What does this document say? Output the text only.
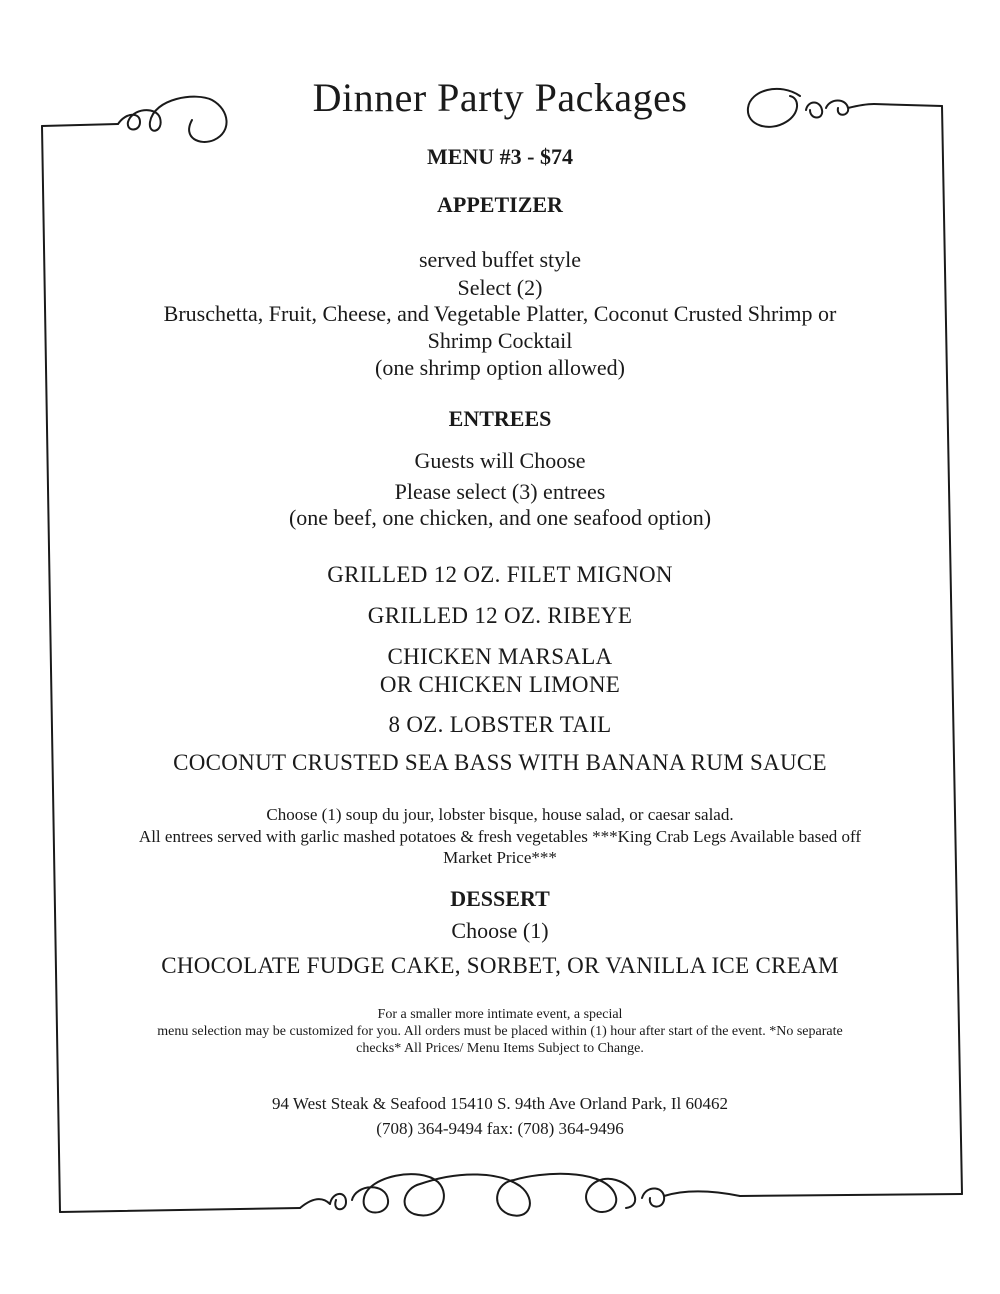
Dinner Party Packages
MENU #3 - $74
APPETIZER
served buffet style
Select (2)
Bruschetta, Fruit, Cheese, and Vegetable Platter, Coconut Crusted Shrimp or
Shrimp Cocktail
(one shrimp option allowed)
ENTREES
Guests will Choose
Please select (3) entrees
(one beef, one chicken, and one seafood option)
GRILLED 12 OZ. FILET MIGNON
GRILLED 12 OZ. RIBEYE
CHICKEN MARSALA
OR CHICKEN LIMONE
8 OZ. LOBSTER TAIL
COCONUT CRUSTED SEA BASS WITH BANANA RUM SAUCE
Choose (1) soup du jour, lobster bisque, house salad, or caesar salad.
All entrees served with garlic mashed potatoes & fresh vegetables ***King Crab Legs Available based off
Market Price***
DESSERT
Choose (1)
CHOCOLATE FUDGE CAKE, SORBET, OR VANILLA ICE CREAM
For a smaller more intimate event, a special
menu selection may be customized for you. All orders must be placed within (1) hour after start of the event. *No separate
checks* All Prices/ Menu Items Subject to Change.
94 West Steak & Seafood 15410 S. 94th Ave Orland Park, Il 60462
(708) 364-9494 fax: (708) 364-9496
